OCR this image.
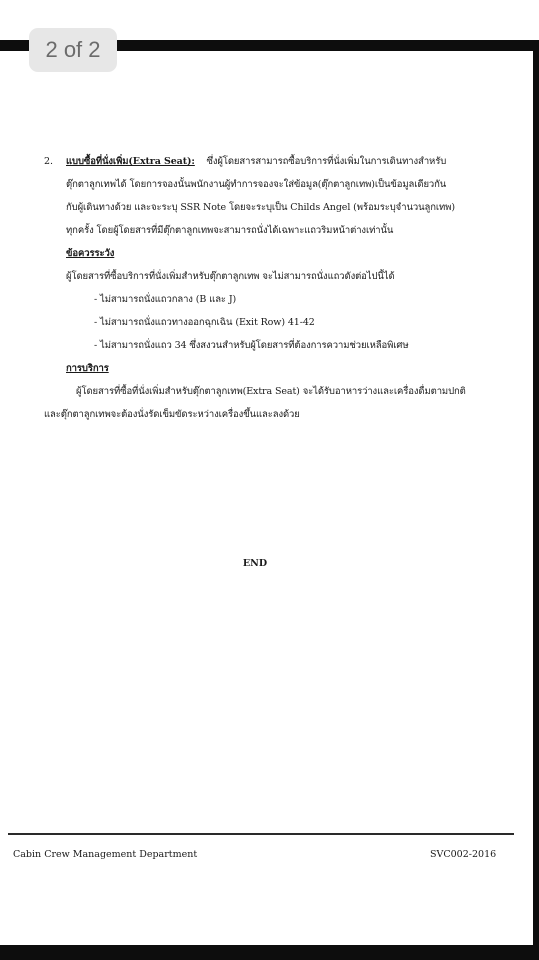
2 of 2
2. แบบซื้อที่นั่งเพิ่ม(Extra Seat): ซึ่งผู้โดยสารสามารถซื้อบริการที่นั่งเพิ่มในการเดินทางสำหรับ
ตุ๊กตาลูกเทพได้ โดยการจองนั้นพนักงานผู้ทำการจองจะใส่ข้อมูล(ตุ๊กตาลูกเทพ)เป็นข้อมูลเดียวกัน
กับผู้เดินทางด้วย และจะระบุ SSR Note โดยจะระบุเป็น Childs Angel (พร้อมระบุจำนวนลูกเทพ)
ทุกครั้ง โดยผู้โดยสารที่มีตุ๊กตาลูกเทพจะสามารถนั่งได้เฉพาะแถวริมหน้าต่างเท่านั้น
ข้อควรระวัง
ผู้โดยสารที่ซื้อบริการที่นั่งเพิ่มสำหรับตุ๊กตาลูกเทพ จะไม่สามารถนั่งแถวดังต่อไปนี้ได้
- ไม่สามารถนั่งแถวกลาง (B และ J)
- ไม่สามารถนั่งแถวทางออกฉุกเฉิน (Exit Row) 41-42
- ไม่สามารถนั่งแถว 34 ซึ่งสงวนสำหรับผู้โดยสารที่ต้องการความช่วยเหลือพิเศษ
การบริการ
ผู้โดยสารที่ซื้อที่นั่งเพิ่มสำหรับตุ๊กตาลูกเทพ(Extra Seat) จะได้รับอาหารว่างและเครื่องดื่มตามปกติ
และตุ๊กตาลูกเทพจะต้องนั่งรัดเข็มขัดระหว่างเครื่องขึ้นและลงด้วย
END
Cabin Crew Management Department	SVC002-2016
